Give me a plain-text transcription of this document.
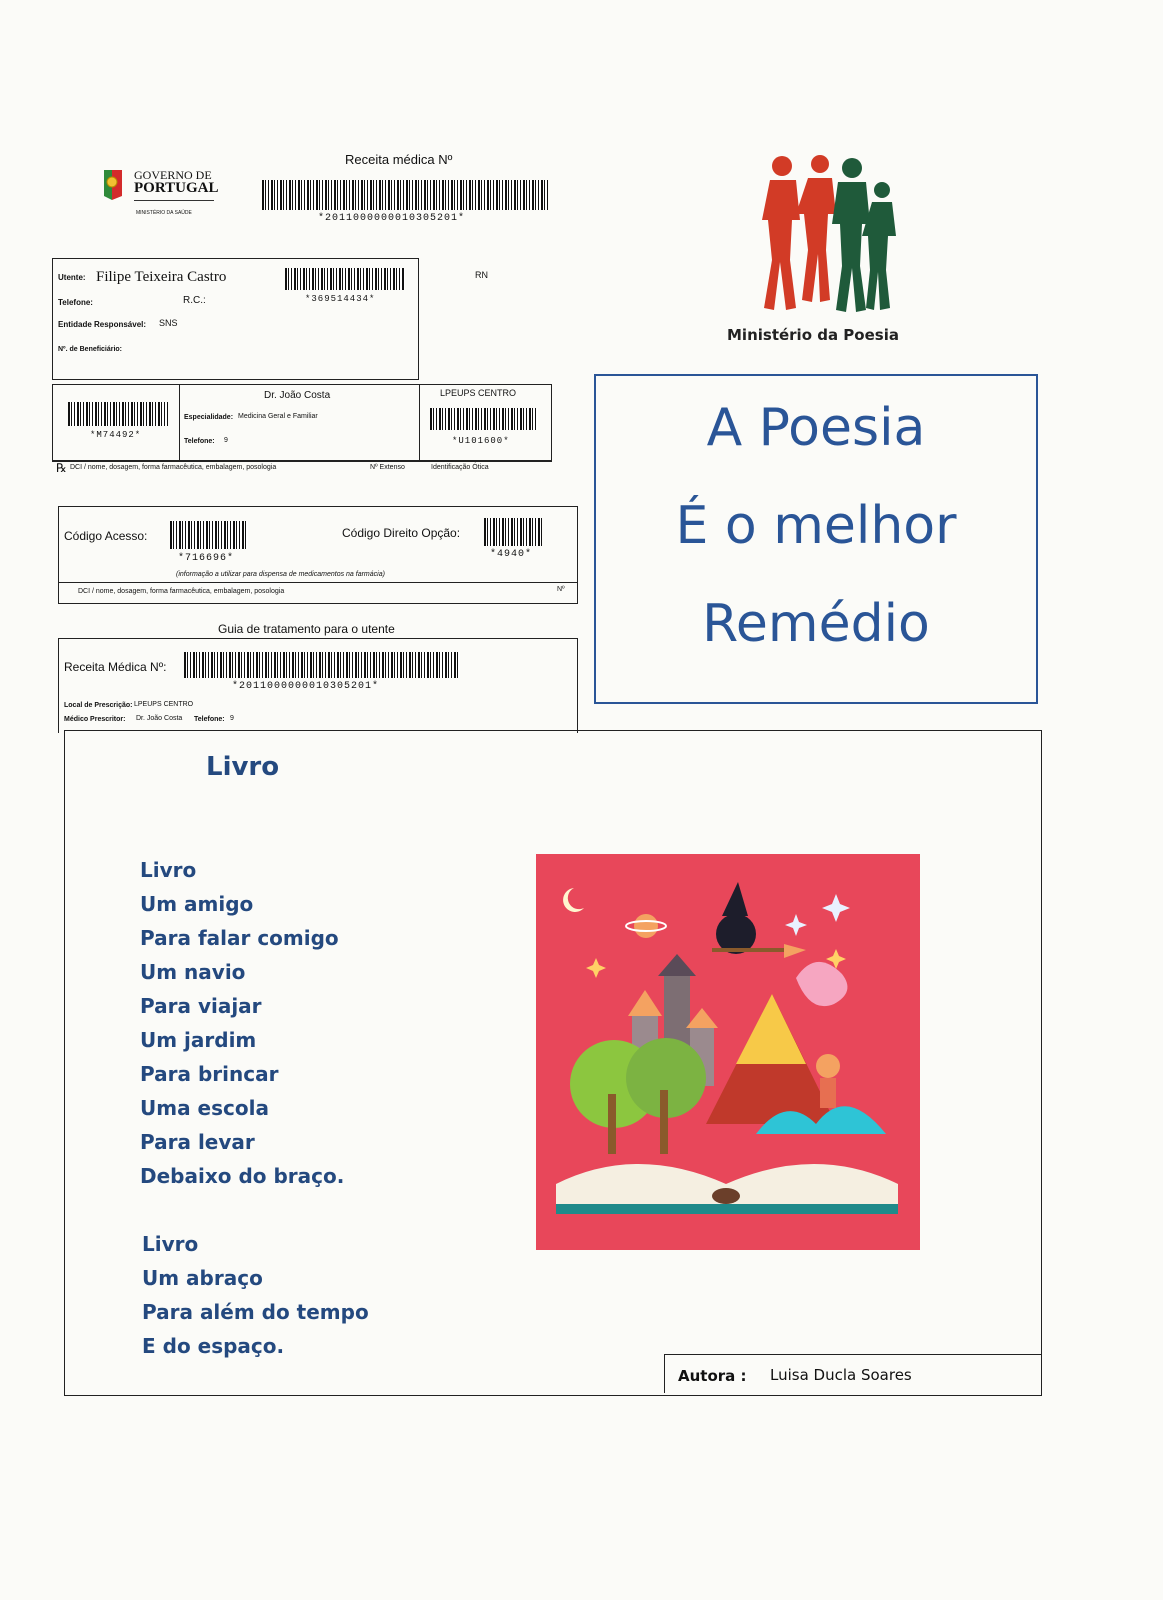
GOVERNO DE
PORTUGAL
MINISTÉRIO DA SAÚDE
Receita médica Nº
*2011000000010305201*
Utente: Filipe Teixeira Castro
*369514434*
Telefone:	R.C.:
Entidade Responsável: SNS
Nº. de Beneficiário:
RN
*M74492*
Dr. João Costa
Especialidade: Medicina Geral e Familiar
Telefone: 9
LPEUPS CENTRO
*U101600*
℞ DCI / nome, dosagem, forma farmacêutica, embalagem, posologia	Nº Extenso	Identificação Ótica
Código Acesso:
*716696*
Código Direito Opção:
*4940*
(informação a utilizar para dispensa de medicamentos na farmácia)
DCI / nome, dosagem, forma farmacêutica, embalagem, posologia	Nº
Guia de tratamento para o utente
Receita Médica Nº:
*2011000000010305201*
Local de Prescrição: LPEUPS CENTRO
Médico Prescritor: Dr. João Costa Telefone: 9
Ministério da Poesia
A Poesia
É o melhor
Remédio
Livro
Livro
Um amigo
Para falar comigo
Um navio
Para viajar
Um jardim
Para brincar
Uma escola
Para levar
Debaixo do braço.
Livro
Um abraço
Para além do tempo
E do espaço.
Autora : Luisa Ducla Soares
